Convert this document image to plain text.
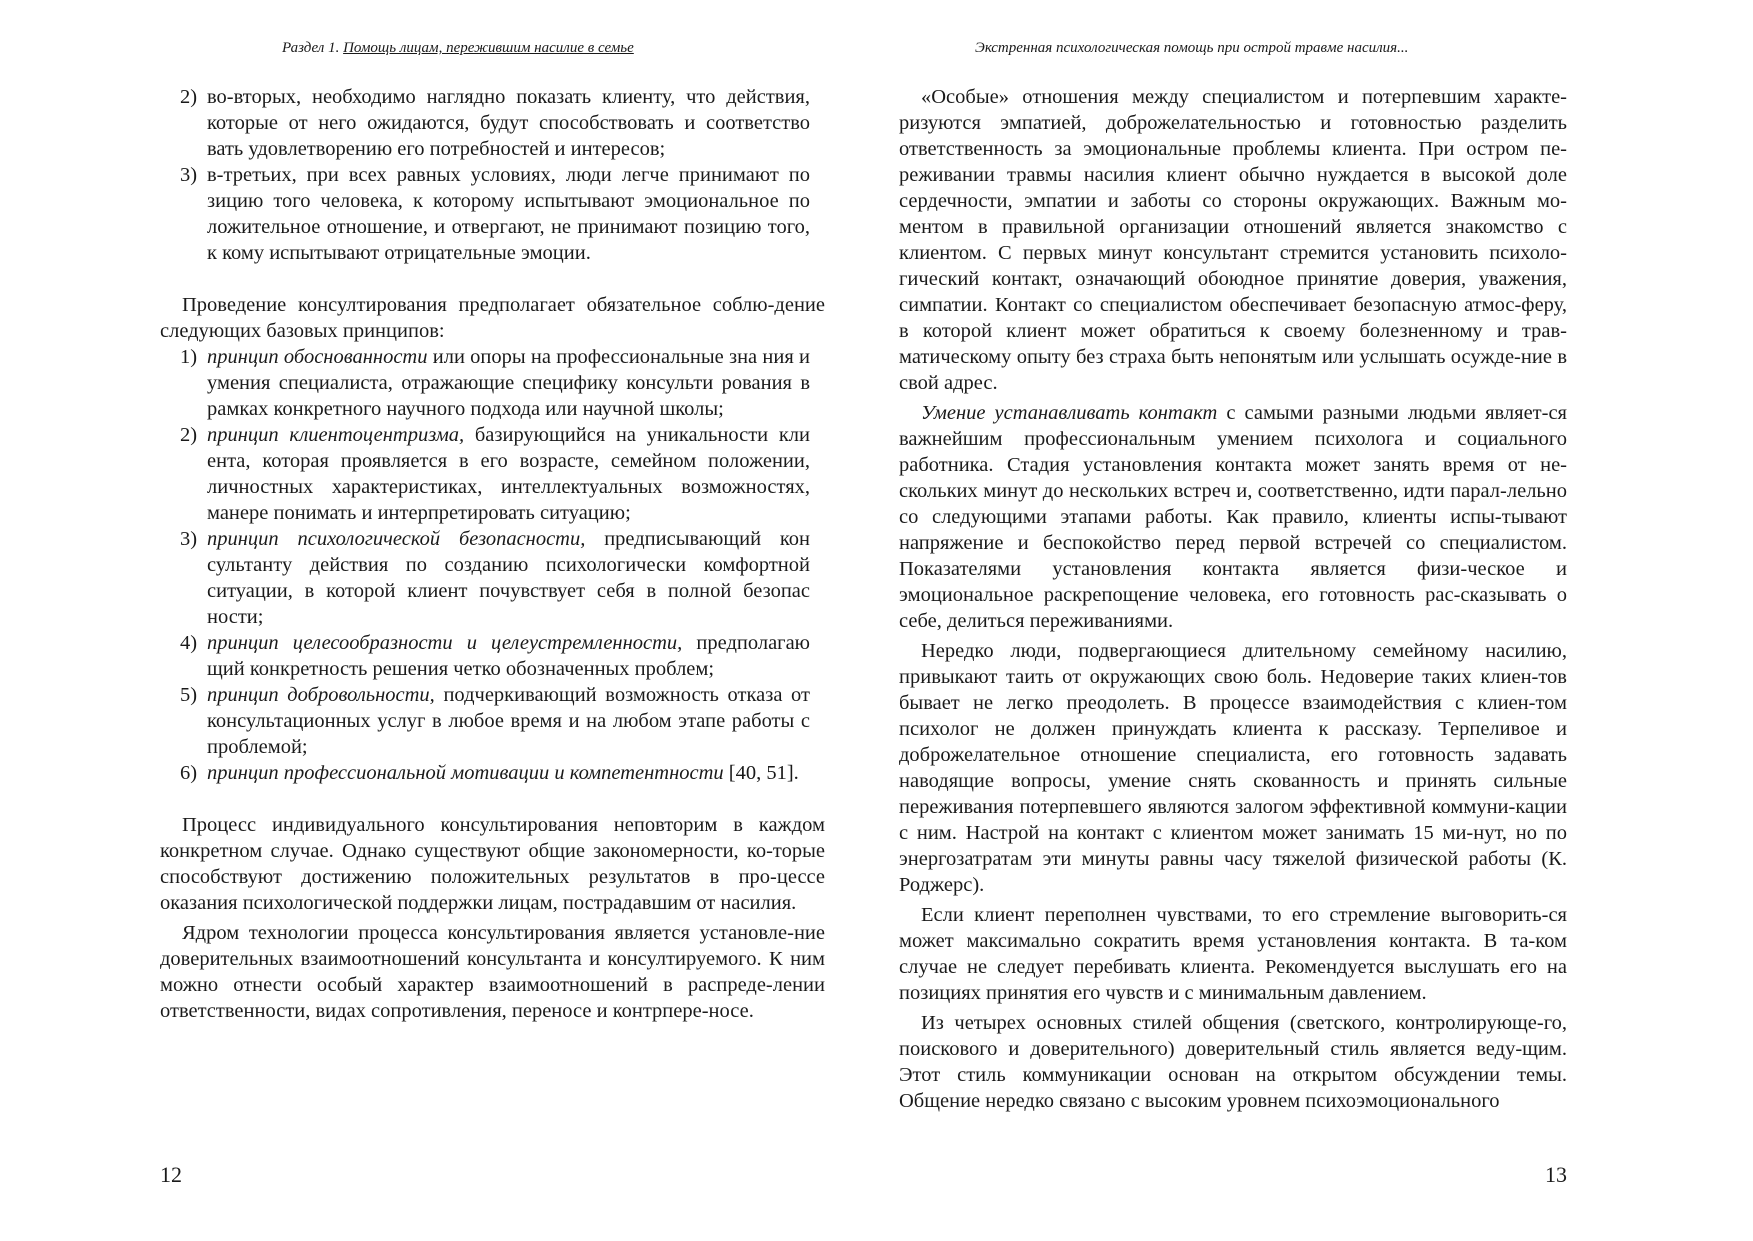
Раздел 1. Помощь лицам, пережившим насилие в семье
2) во-вторых, необходимо наглядно показать клиенту, что действия, которые от него ожидаются, будут способствовать и соответство вать удовлетворению его потребностей и интересов;
3) в-третьих, при всех равных условиях, люди легче принимают по зицию того человека, к которому испытывают эмоциональное по ложительное отношение, и отвергают, не принимают позицию того, к кому испытывают отрицательные эмоции.

Проведение консултирования предполагает обязательное соблю-дение следующих базовых принципов:

1) принцип обоснованности или опоры на профессиональные зна ния и умения специалиста, отражающие специфику консульти рования в рамках конкретного научного подхода или научной школы;
2) принцип клиентоцентризма, базирующийся на уникальности кли ента, которая проявляется в его возрасте, семейном положении, личностных характеристиках, интеллектуальных возможностях, манере понимать и интерпретировать ситуацию;
3) принцип психологической безопасности, предписывающий кон сультанту действия по созданию психологически комфортной ситуации, в которой клиент почувствует себя в полной безопас ности;
4) принцип целесообразности и целеустремленности, предполагаю щий конкретность решения четко обозначенных проблем;
5) принцип добровольности, подчеркивающий возможность отказа от консультационных услуг в любое время и на любом этапе работы с проблемой;
6) принцип профессиональной мотивации и компетентности [40, 51].

Процесс индивидуального консультирования неповторим в каждом конкретном случае. Однако существуют общие закономерности, ко-торые способствуют достижению положительных результатов в про-цессе оказания психологической поддержки лицам, пострадавшим от насилия.

Ядром технологии процесса консультирования является установле-ние доверительных взаимоотношений консультанта и консултируемого. К ним можно отнести особый характер взаимоотношений в распреде-лении ответственности, видах сопротивления, переносе и контрпере-носе.

12
Экстренная психологическая помощь при острой травме насилия...

«Особые» отношения между специалистом и потерпевшим характе-ризуются эмпатией, доброжелательностью и готовностью разделить ответственность за эмоциональные проблемы клиента. При остром пе-реживании травмы насилия клиент обычно нуждается в высокой доле сердечности, эмпатии и заботы со стороны окружающих. Важным мо-ментом в правильной организации отношений является знакомство с клиентом. С первых минут консультант стремится установить психоло-гический контакт, означающий обоюдное принятие доверия, уважения, симпатии. Контакт со специалистом обеспечивает безопасную атмос-феру, в которой клиент может обратиться к своему болезненному и трав-матическому опыту без страха быть непонятым или услышать осужде-ние в свой адрес.

Умение устанавливать контакт с самыми разными людьми являет-ся важнейшим профессиональным умением психолога и социального работника. Стадия установления контакта может занять время от не-скольких минут до нескольких встреч и, соответственно, идти парал-лельно со следующими этапами работы. Как правило, клиенты испы-тывают напряжение и беспокойство перед первой встречей со специалистом. Показателями установления контакта является физи-ческое и эмоциональное раскрепощение человека, его готовность рас-сказывать о себе, делиться переживаниями.

Нередко люди, подвергающиеся длительному семейному насилию, привыкают таить от окружающих свою боль. Недоверие таких клиен-тов бывает не легко преодолеть. В процессе взаимодействия с клиен-том психолог не должен принуждать клиента к рассказу. Терпеливое и доброжелательное отношение специалиста, его готовность задавать наводящие вопросы, умение снять скованность и принять сильные переживания потерпевшего являются залогом эффективной коммуни-кации с ним. Настрой на контакт с клиентом может занимать 15 ми-нут, но по энергозатратам эти минуты равны часу тяжелой физической работы (К. Роджерс).

Если клиент переполнен чувствами, то его стремление выговорить-ся может максимально сократить время установления контакта. В та-ком случае не следует перебивать клиента. Рекомендуется выслушать его на позициях принятия его чувств и с минимальным давлением.

Из четырех основных стилей общения (светского, контролирующе-го, поискового и доверительного) доверительный стиль является веду-щим. Этот стиль коммуникации основан на открытом обсуждении темы. Общение нередко связано с высоким уровнем психоэмоционального

13
